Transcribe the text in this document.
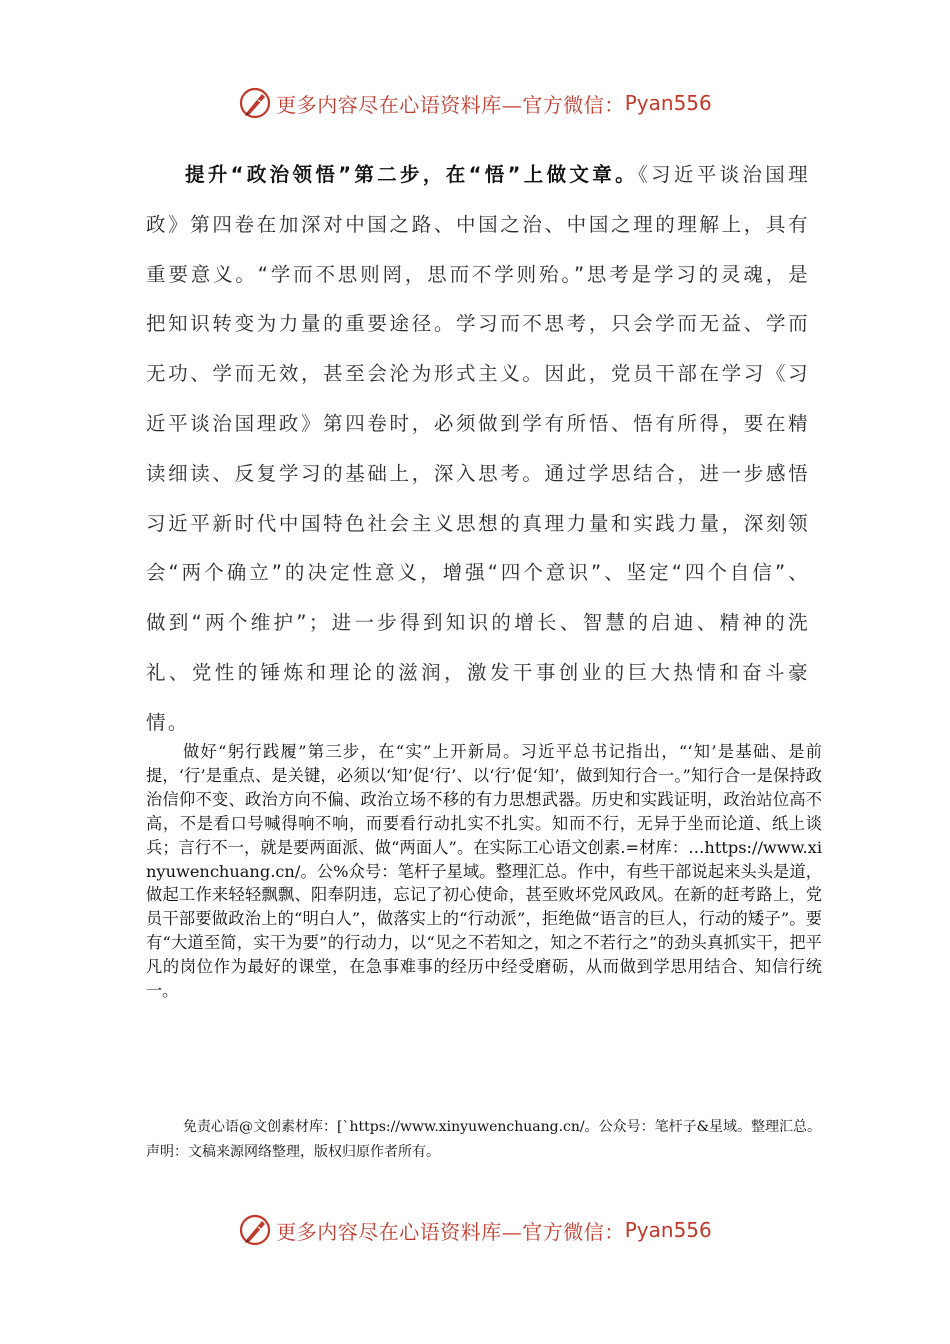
更多内容尽在心语资料库—官方微信： Pyan556

提升“政治领悟”第二步，在“悟”上做文章。《习近平谈治国理政》第四卷在加深对中国之路、中国之治、中国之理的理解上，具有重要意义。“学而不思则罔，思而不学则殆。”思考是学习的灵魂，是把知识转变为力量的重要途径。学习而不思考，只会学而无益、学而无功、学而无效，甚至会沦为形式主义。因此，党员干部在学习《习近平谈治国理政》第四卷时，必须做到学有所悟、悟有所得，要在精读细读、反复学习的基础上，深入思考。通过学思结合，进一步感悟习近平新时代中国特色社会主义思想的真理力量和实践力量，深刻领会“两个确立”的决定性意义，增强“四个意识”、坚定“四个自信”、做到“两个维护”；进一步得到知识的增长、智慧的启迪、精神的洗礼、党性的锤炼和理论的滋润，激发干事创业的巨大热情和奋斗豪情。

做好“躬行践履”第三步，在“实”上开新局。习近平总书记指出，“‘知’是基础、是前提，‘行’是重点、是关键，必须以‘知’促‘行’、以‘行’促‘知’，做到知行合一。”知行合一是保持政治信仰不变、政治方向不偏、政治立场不移的有力思想武器。历史和实践证明，政治站位高不高，不是看口号喊得响不响，而要看行动扎实不扎实。知而不行，无异于坐而论道、纸上谈兵；言行不一，就是要两面派、做“两面人”。在实际工心语文创素.=材库：…https://www.xinyuwenchuang.cn/。公%众号：笔杆子星域。整理汇总。作中，有些干部说起来头头是道，做起工作来轻轻飘飘、阳奉阴违，忘记了初心使命，甚至败坏党风政风。在新的赶考路上，党员干部要做政治上的“明白人”，做落实上的“行动派”，拒绝做“语言的巨人，行动的矮子”。要有“大道至简，实干为要”的行动力，以“见之不若知之，知之不若行之”的劲头真抓实干，把平凡的岗位作为最好的课堂，在急事难事的经历中经受磨砺，从而做到学思用结合、知信行统一。

免责心语@文创素材库：[`https://www.xinyuwenchuang.cn/。公众号：笔杆子&星域。整理汇总。声明：文稿来源网络整理，版权归原作者所有。

更多内容尽在心语资料库—官方微信： Pyan556
